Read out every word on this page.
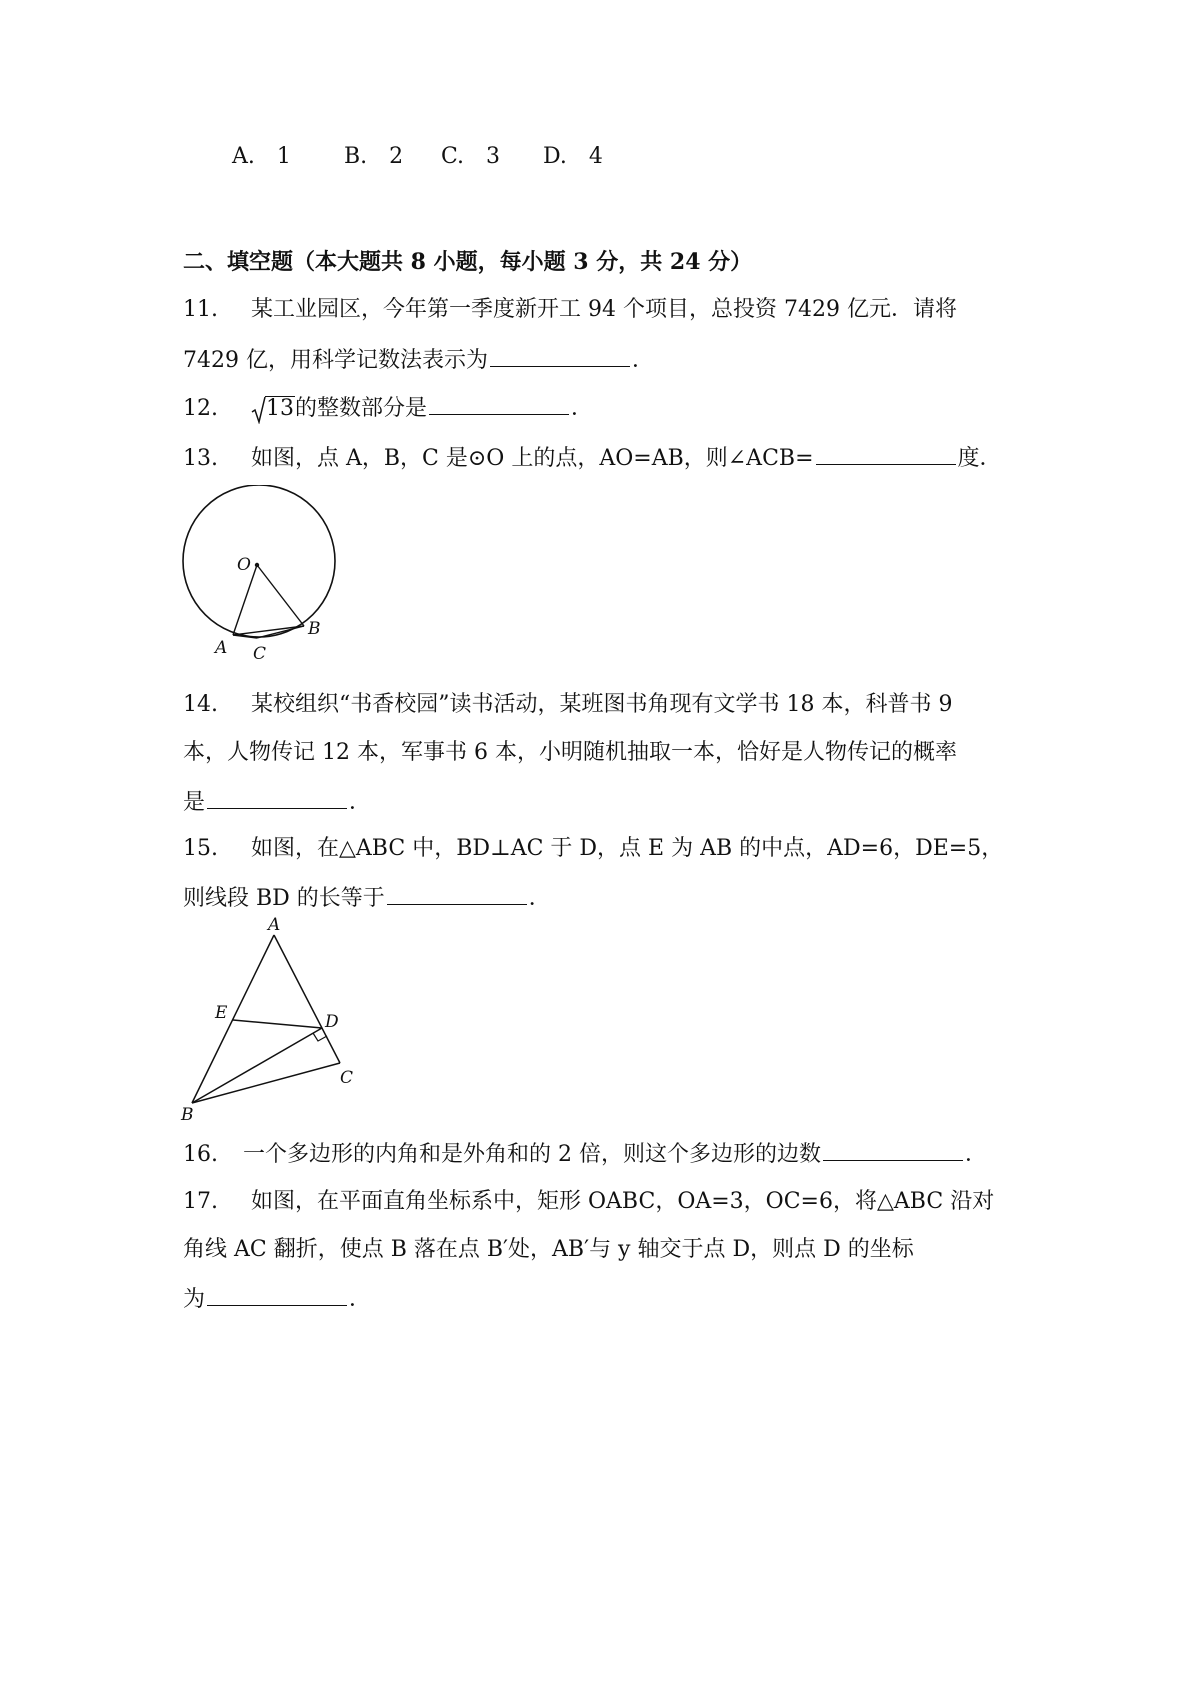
A.　1 B.　2 C.　3 D.　4
二、填空题（本大题共 8 小题，每小题 3 分，共 24 分）
11. 某工业园区，今年第一季度新开工 94 个项目，总投资 7429 亿元．请将
7429 亿，用科学记数法表示为	．
12. 13的整数部分是	．
13. 如图，点 A，B，C 是⊙O 上的点，AO=AB，则∠ACB=	度．
O
A
B
C
14. 某校组织“书香校园”读书活动，某班图书角现有文学书 18 本，科普书 9
本，人物传记 12 本，军事书 6 本，小明随机抽取一本，恰好是人物传记的概率
是	．
15. 如图，在△ABC 中，BD⊥AC 于 D，点 E 为 AB 的中点，AD=6，DE=5，
则线段 BD 的长等于	．
A
E	D
C
B
16. 一个多边形的内角和是外角和的 2 倍，则这个多边形的边数	．
17. 如图，在平面直角坐标系中，矩形 OABC，OA=3，OC=6，将△ABC 沿对
角线 AC 翻折，使点 B 落在点 B′处，AB′与 y 轴交于点 D，则点 D 的坐标
为	．
